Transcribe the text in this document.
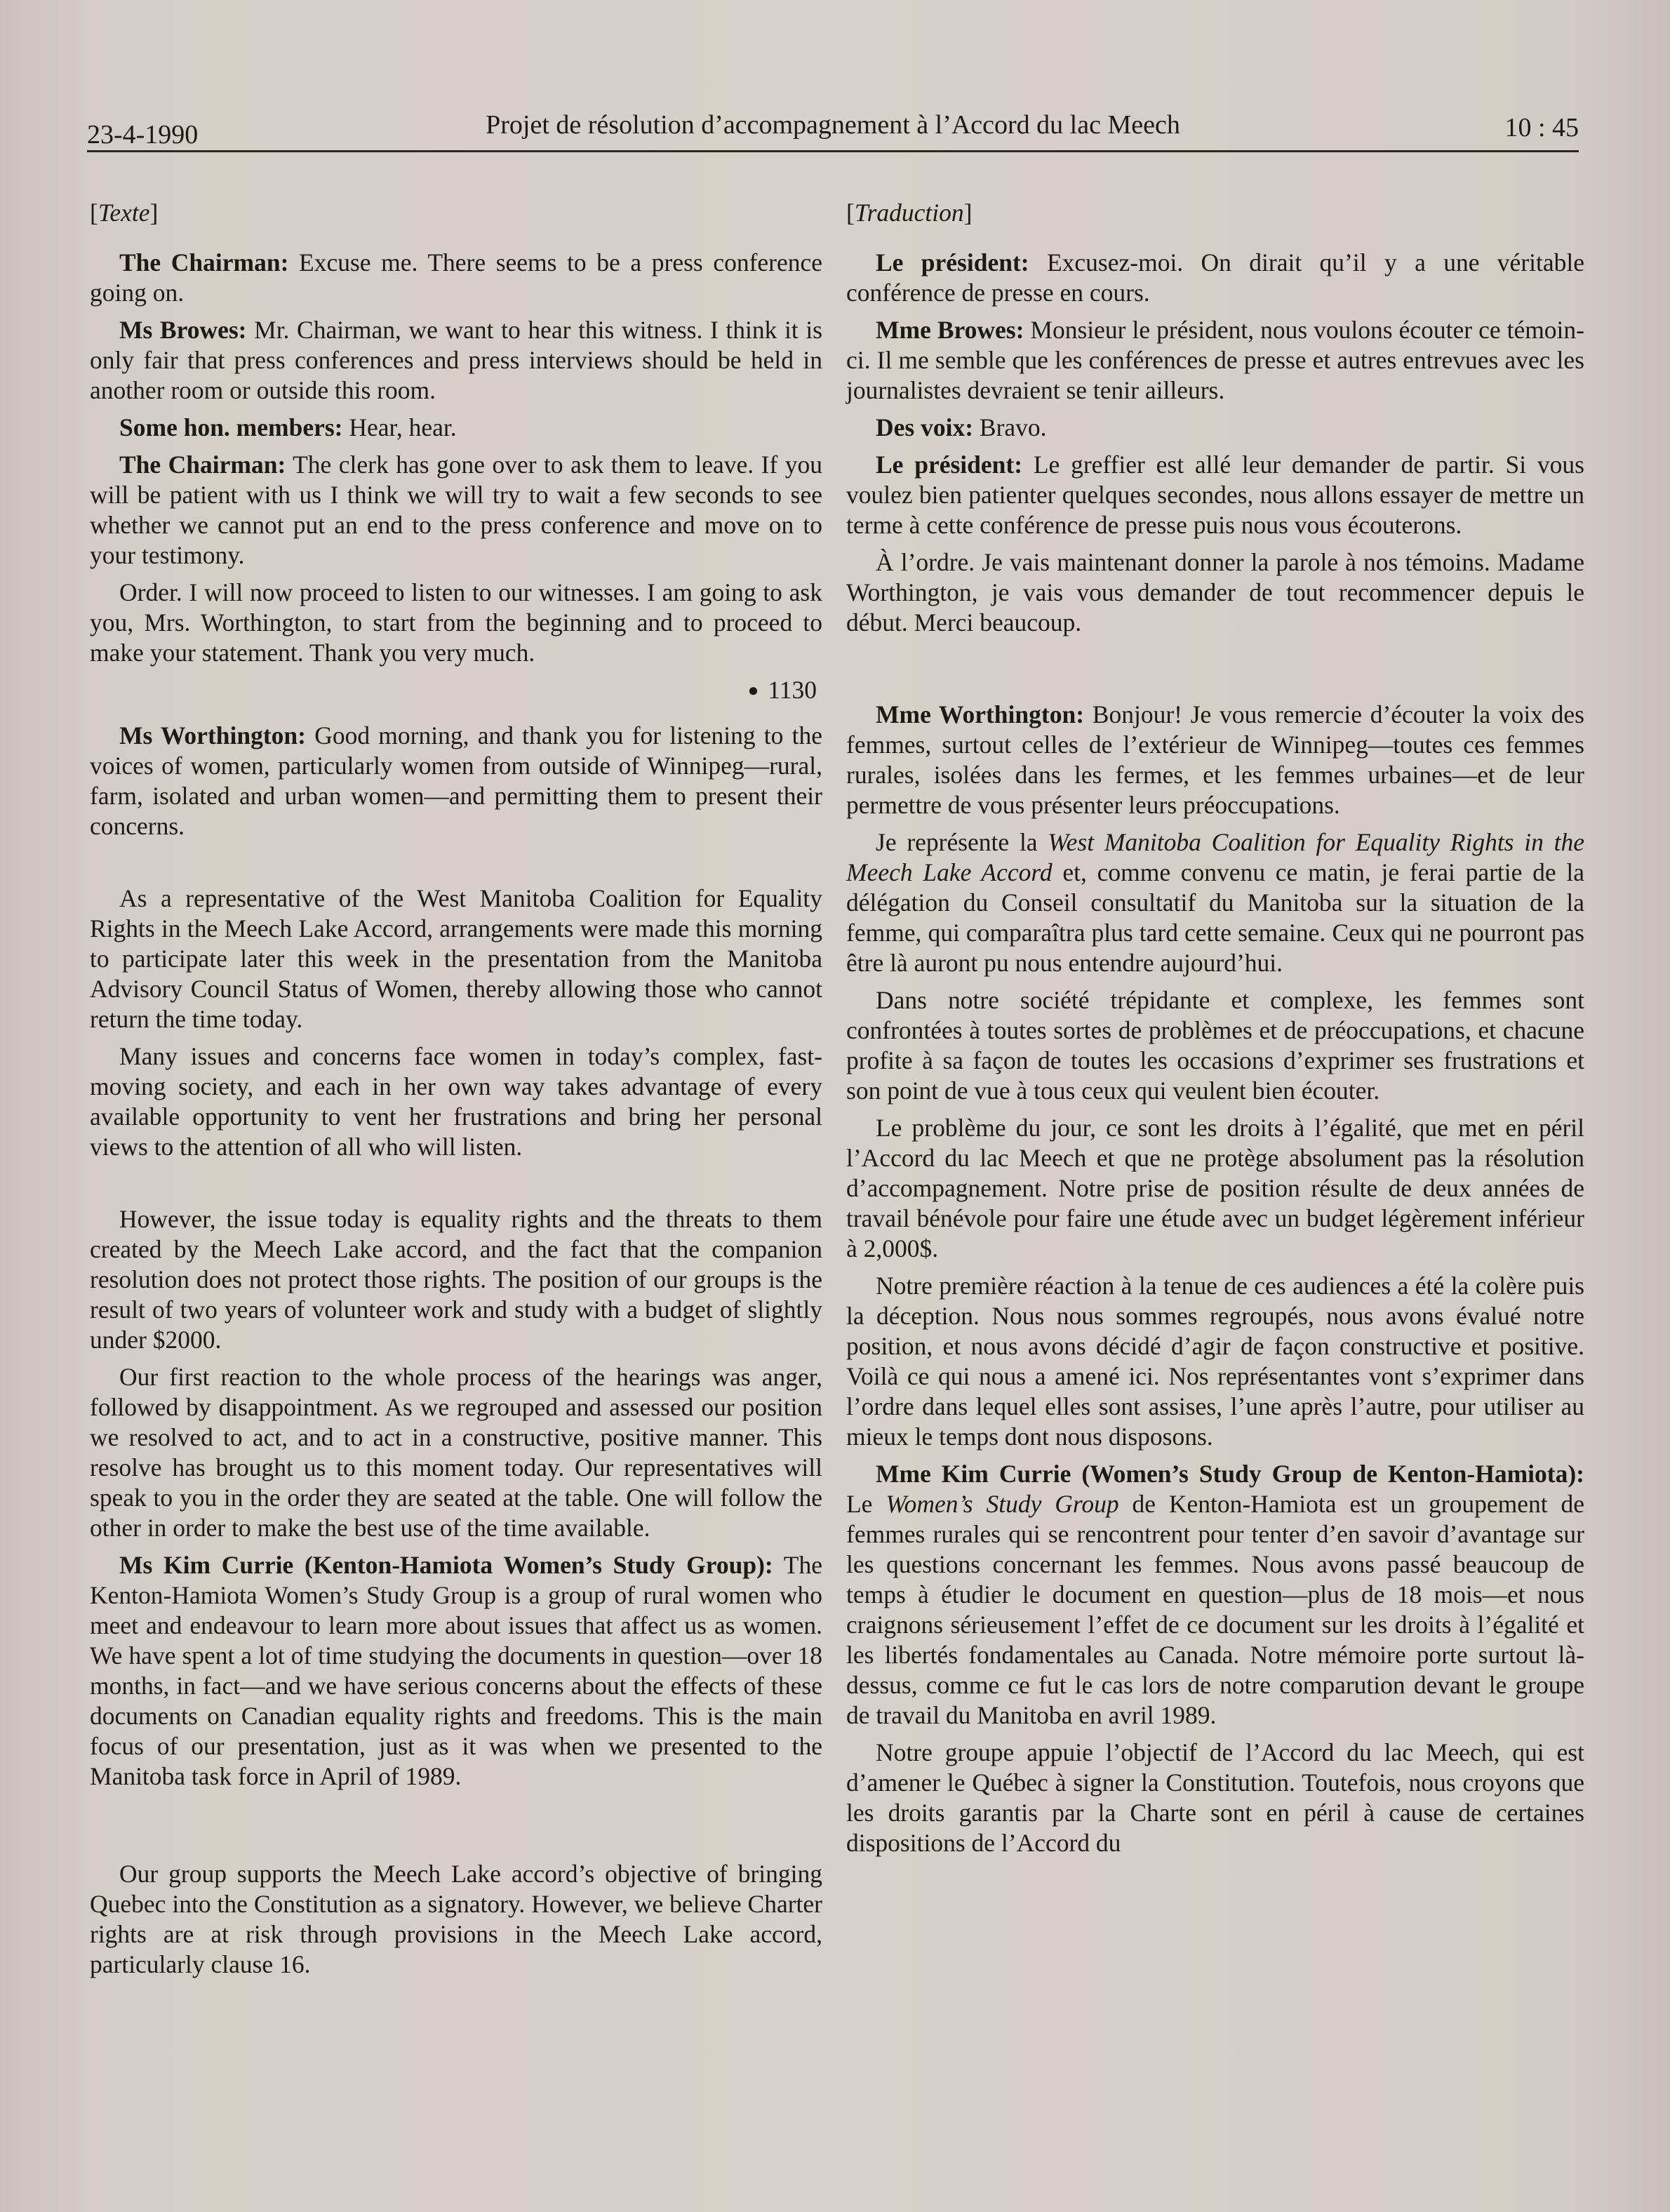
23-4-1990	Projet de résolution d’accompagnement à l’Accord du lac Meech	10 : 45
[ Texte ]

The Chairman: Excuse me. There seems to be a press conference going on.

Ms Browes: Mr. Chairman, we want to hear this witness. I think it is only fair that press conferences and press interviews should be held in another room or outside this room.

Some hon. members: Hear, hear.

The Chairman: The clerk has gone over to ask them to leave. If you will be patient with us I think we will try to wait a few seconds to see whether we cannot put an end to the press conference and move on to your testimony.

Order. I will now proceed to listen to our witnesses. I am going to ask you, Mrs. Worthington, to start from the beginning and to proceed to make your statement. Thank you very much.

●  1130

Ms Worthington: Good morning, and thank you for listening to the voices of women, particularly women from outside of Winnipeg—rural, farm, isolated and urban women—and permitting them to present their concerns.

As a representative of the West Manitoba Coalition for Equality Rights in the Meech Lake Accord, arrangements were made this morning to participate later this week in the presentation from the Manitoba Advisory Council Status of Women, thereby allowing those who cannot return the time today.

Many issues and concerns face women in today’s complex, fast-moving society, and each in her own way takes advantage of every available opportunity to vent her frustrations and bring her personal views to the attention of all who will listen.

However, the issue today is equality rights and the threats to them created by the Meech Lake accord, and the fact that the companion resolution does not protect those rights. The position of our groups is the result of two years of volunteer work and study with a budget of slightly under $2000.

Our first reaction to the whole process of the hearings was anger, followed by disappointment. As we regrouped and assessed our position we resolved to act, and to act in a constructive, positive manner. This resolve has brought us to this moment today. Our representatives will speak to you in the order they are seated at the table. One will follow the other in order to make the best use of the time available.

Ms Kim Currie (Kenton-Hamiota Women’s Study Group): The Kenton-Hamiota Women’s Study Group is a group of rural women who meet and endeavour to learn more about issues that affect us as women. We have spent a lot of time studying the documents in question—over 18 months, in fact—and we have serious concerns about the effects of these documents on Canadian equality rights and freedoms. This is the main focus of our presentation, just as it was when we presented to the Manitoba task force in April of 1989.

Our group supports the Meech Lake accord’s objective of bringing Quebec into the Constitution as a signatory. However, we believe Charter rights are at risk through provisions in the Meech Lake accord, particularly clause 16.

[ Traduction ]

Le président: Excusez-moi. On dirait qu’il y a une véritable conférence de presse en cours.

Mme Browes: Monsieur le président, nous voulons écouter ce témoin-ci. Il me semble que les conférences de presse et autres entrevues avec les journalistes devraient se tenir ailleurs.

Des voix: Bravo.

Le président: Le greffier est allé leur demander de partir. Si vous voulez bien patienter quelques secondes, nous allons essayer de mettre un terme à cette conférence de presse puis nous vous écouterons.

À l’ordre. Je vais maintenant donner la parole à nos témoins. Madame Worthington, je vais vous demander de tout recommencer depuis le début. Merci beaucoup.

Mme Worthington: Bonjour! Je vous remercie d’écouter la voix des femmes, surtout celles de l’extérieur de Winnipeg—toutes ces femmes rurales, isolées dans les fermes, et les femmes urbaines—et de leur permettre de vous présenter leurs préoccupations.

Je représente la West Manitoba Coalition for Equality Rights in the Meech Lake Accord et, comme convenu ce matin, je ferai partie de la délégation du Conseil consultatif du Manitoba sur la situation de la femme, qui comparaîtra plus tard cette semaine. Ceux qui ne pourront pas être là auront pu nous entendre aujourd’hui.

Dans notre société trépidante et complexe, les femmes sont confrontées à toutes sortes de problèmes et de préoccupations, et chacune profite à sa façon de toutes les occasions d’exprimer ses frustrations et son point de vue à tous ceux qui veulent bien écouter.

Le problème du jour, ce sont les droits à l’égalité, que met en péril l’Accord du lac Meech et que ne protège absolument pas la résolution d’accompagnement. Notre prise de position résulte de deux années de travail bénévole pour faire une étude avec un budget légèrement inférieur à 2,000$.

Notre première réaction à la tenue de ces audiences a été la colère puis la déception. Nous nous sommes regroupés, nous avons évalué notre position, et nous avons décidé d’agir de façon constructive et positive. Voilà ce qui nous a amené ici. Nos représentantes vont s’exprimer dans l’ordre dans lequel elles sont assises, l’une après l’autre, pour utiliser au mieux le temps dont nous disposons.

Mme Kim Currie (Women’s Study Group de Kenton-Hamiota): Le Women’s Study Group de Kenton-Hamiota est un groupement de femmes rurales qui se rencontrent pour tenter d’en savoir d’avantage sur les questions concernant les femmes. Nous avons passé beaucoup de temps à étudier le document en question—plus de 18 mois—et nous craignons sérieusement l’effet de ce document sur les droits à l’égalité et les libertés fondamentales au Canada. Notre mémoire porte surtout là-dessus, comme ce fut le cas lors de notre comparution devant le groupe de travail du Manitoba en avril 1989.

Notre groupe appuie l’objectif de l’Accord du lac Meech, qui est d’amener le Québec à signer la Constitution. Toutefois, nous croyons que les droits garantis par la Charte sont en péril à cause de certaines dispositions de l’Accord du
